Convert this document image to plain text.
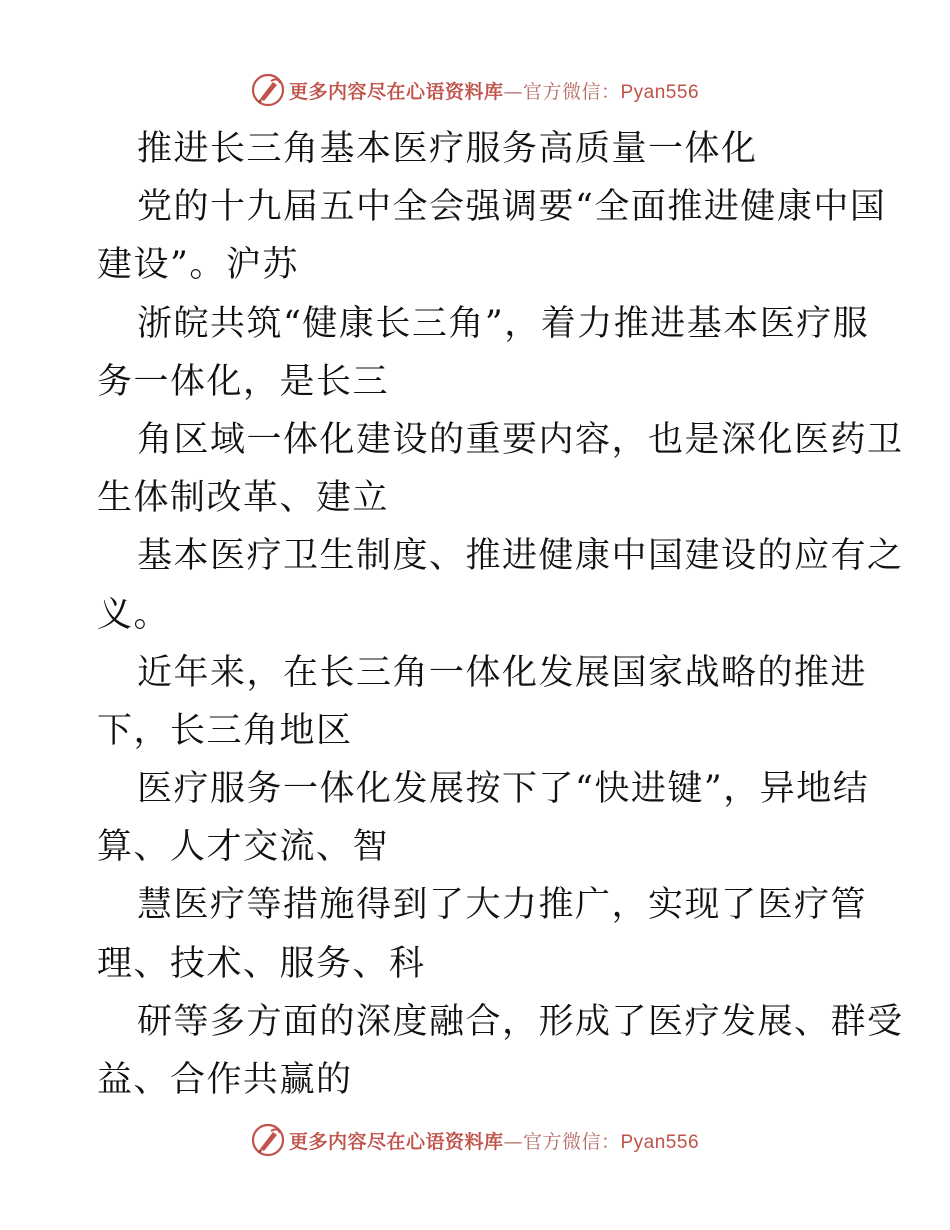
更多内容尽在心语资料库—官方微信：Pyan556
推进长三角基本医疗服务高质量一体化
党的十九届五中全会强调要“全面推进健康中国
建设”。沪苏
浙皖共筑“健康长三角”，着力推进基本医疗服
务一体化，是长三
角区域一体化建设的重要内容，也是深化医药卫
生体制改革、建立
基本医疗卫生制度、推进健康中国建设的应有之
义。
近年来，在长三角一体化发展国家战略的推进
下，长三角地区
医疗服务一体化发展按下了“快进键”，异地结
算、人才交流、智
慧医疗等措施得到了大力推广，实现了医疗管
理、技术、服务、科
研等多方面的深度融合，形成了医疗发展、群受
益、合作共赢的
更多内容尽在心语资料库—官方微信：Pyan556
